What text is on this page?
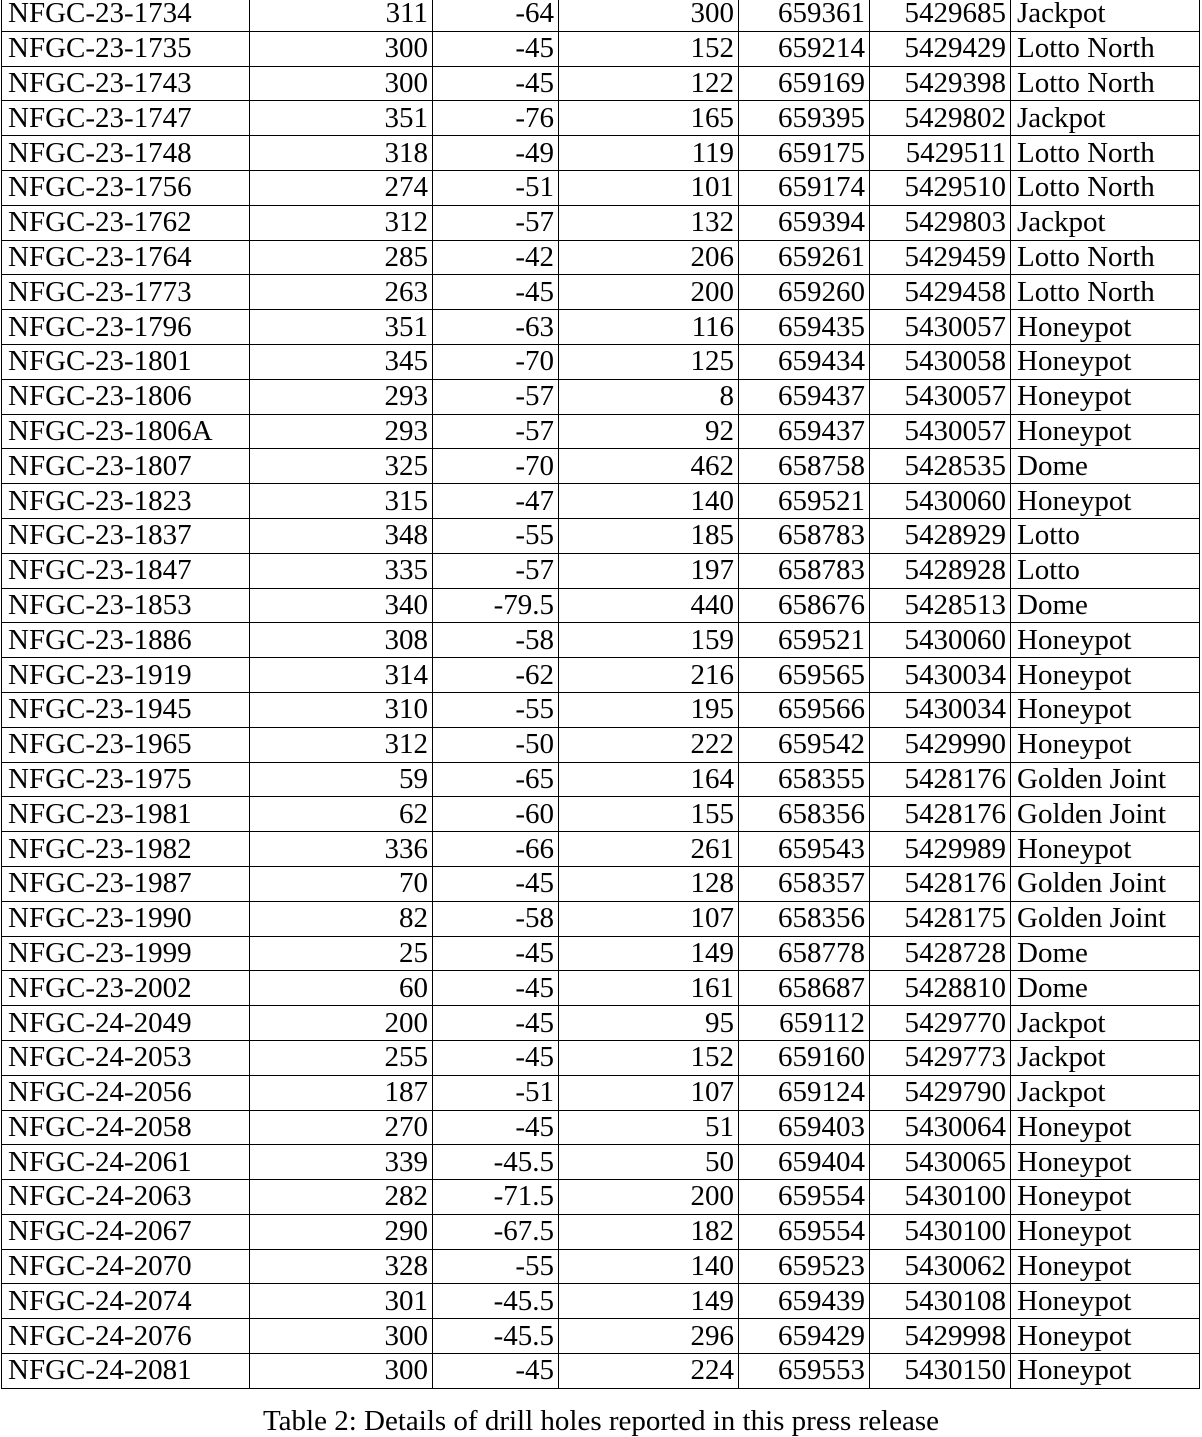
NFGC-23-1734	311	-64	300	659361	5429685	Jackpot
NFGC-23-1735	300	-45	152	659214	5429429	Lotto North
NFGC-23-1743	300	-45	122	659169	5429398	Lotto North
NFGC-23-1747	351	-76	165	659395	5429802	Jackpot
NFGC-23-1748	318	-49	119	659175	5429511	Lotto North
NFGC-23-1756	274	-51	101	659174	5429510	Lotto North
NFGC-23-1762	312	-57	132	659394	5429803	Jackpot
NFGC-23-1764	285	-42	206	659261	5429459	Lotto North
NFGC-23-1773	263	-45	200	659260	5429458	Lotto North
NFGC-23-1796	351	-63	116	659435	5430057	Honeypot
NFGC-23-1801	345	-70	125	659434	5430058	Honeypot
NFGC-23-1806	293	-57	8	659437	5430057	Honeypot
NFGC-23-1806A	293	-57	92	659437	5430057	Honeypot
NFGC-23-1807	325	-70	462	658758	5428535	Dome
NFGC-23-1823	315	-47	140	659521	5430060	Honeypot
NFGC-23-1837	348	-55	185	658783	5428929	Lotto
NFGC-23-1847	335	-57	197	658783	5428928	Lotto
NFGC-23-1853	340	-79.5	440	658676	5428513	Dome
NFGC-23-1886	308	-58	159	659521	5430060	Honeypot
NFGC-23-1919	314	-62	216	659565	5430034	Honeypot
NFGC-23-1945	310	-55	195	659566	5430034	Honeypot
NFGC-23-1965	312	-50	222	659542	5429990	Honeypot
NFGC-23-1975	59	-65	164	658355	5428176	Golden Joint
NFGC-23-1981	62	-60	155	658356	5428176	Golden Joint
NFGC-23-1982	336	-66	261	659543	5429989	Honeypot
NFGC-23-1987	70	-45	128	658357	5428176	Golden Joint
NFGC-23-1990	82	-58	107	658356	5428175	Golden Joint
NFGC-23-1999	25	-45	149	658778	5428728	Dome
NFGC-23-2002	60	-45	161	658687	5428810	Dome
NFGC-24-2049	200	-45	95	659112	5429770	Jackpot
NFGC-24-2053	255	-45	152	659160	5429773	Jackpot
NFGC-24-2056	187	-51	107	659124	5429790	Jackpot
NFGC-24-2058	270	-45	51	659403	5430064	Honeypot
NFGC-24-2061	339	-45.5	50	659404	5430065	Honeypot
NFGC-24-2063	282	-71.5	200	659554	5430100	Honeypot
NFGC-24-2067	290	-67.5	182	659554	5430100	Honeypot
NFGC-24-2070	328	-55	140	659523	5430062	Honeypot
NFGC-24-2074	301	-45.5	149	659439	5430108	Honeypot
NFGC-24-2076	300	-45.5	296	659429	5429998	Honeypot
NFGC-24-2081	300	-45	224	659553	5430150	Honeypot
Table 2: Details of drill holes reported in this press release
